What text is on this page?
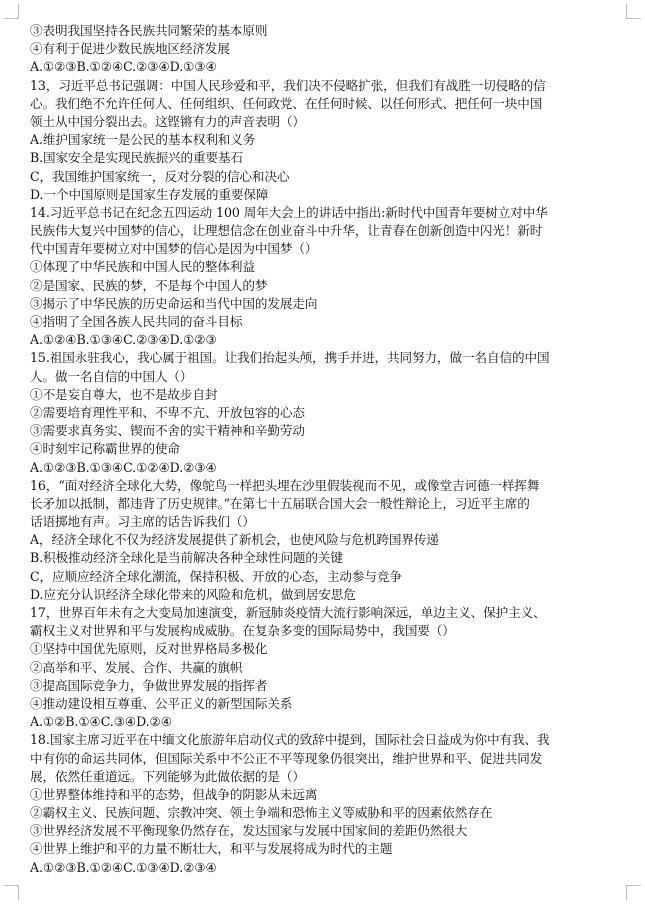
③表明我国坚持各民族共同繁荣的基本原则
④有利于促进少数民族地区经济发展
A.①②③B.①②④C.②③④D.①③④
13，习近平总书记强调：中国人民珍爱和平，我们决不侵略扩张，但我们有战胜一切侵略的信
心。我们绝不允许任何人、任何组织、任何政党、在任何时候、以任何形式、把任何一块中国
领土从中国分裂出去。这铿锵有力的声音表明（）
A.维护国家统一是公民的基本权利和义务
B.国家安全是实现民族振兴的重要基石
C，我国维护国家统一，反对分裂的信心和决心
D.一个中国原则是国家生存发展的重要保障
14.习近平总书记在纪念五四运动 100 周年大会上的讲话中指出:新时代中国青年要树立对中华
民族伟大复兴中国梦的信心，让理想信念在创业奋斗中升华，让青春在创新创造中闪光！新时
代中国青年要树立对中国梦的信心是因为中国梦（）
①体现了中华民族和中国人民的整体利益
②是国家、民族的梦，不是每个中国人的梦
③揭示了中华民族的历史命运和当代中国的发展走向
④指明了全国各族人民共同的奋斗目标
A.①②④B.①③④C.②③④D.①②③
15.祖国永驻我心，我心属于祖国。让我们抬起头颅，携手并进，共同努力，做一名自信的中国
人。做一名自信的中国人（）
①不是妄自尊大，也不是故步自封
②需要培育理性平和、不卑不亢、开放包容的心态
③需要求真务实、锲而不舍的实干精神和辛勤劳动
④时刻牢记称霸世界的使命
A.①②③B.①③④C.①②④D.②③④
16，“面对经济全球化大势，像鸵鸟一样把头埋在沙里假装视而不见，或像堂吉诃德一样挥舞
长矛加以抵制，都违背了历史规律。”在第七十五届联合国大会一般性辩论上，习近平主席的
话语掷地有声。习主席的话告诉我们（）
A，经济全球化不仅为经济发展提供了新机会，也使风险与危机跨国界传递
B.积极推动经济全球化是当前解决各种全球性问题的关键
C，应顺应经济全球化潮流，保持积极、开放的心态，主动参与竞争
D.应充分认识经济全球化带来的风险和危机，做到居安思危
17，世界百年未有之大变局加速演变，新冠肺炎疫情大流行影响深远，单边主义、保护主义、
霸权主义对世界和平与发展构成威胁。在复杂多变的国际局势中，我国要（）
①坚持中国优先原则，反对世界格局多极化
②高举和平、发展、合作、共赢的旗帜
③提高国际竞争力，争做世界发展的指挥者
④推动建设相互尊重、公平正义的新型国际关系
A.①②B.①④C.③④D.②④
18.国家主席习近平在中缅文化旅游年启动仪式的致辞中提到，国际社会日益成为你中有我、我
中有你的命运共同体，但国际关系中不公正不平等现象仍很突出，维护世界和平、促进共同发
展，依然任重道远。下列能够为此做依据的是（）
①世界整体维持和平的态势，但战争的阴影从未远离
②霸权主义、民族问题、宗教冲突、领土争端和恐怖主义等威胁和平的因素依然存在
③世界经济发展不平衡现象仍然存在，发达国家与发展中国家间的差距仍然很大
④世界上维护和平的力量不断壮大，和平与发展将成为时代的主题
A.①②③B.①②④C.①③④D.②③④
